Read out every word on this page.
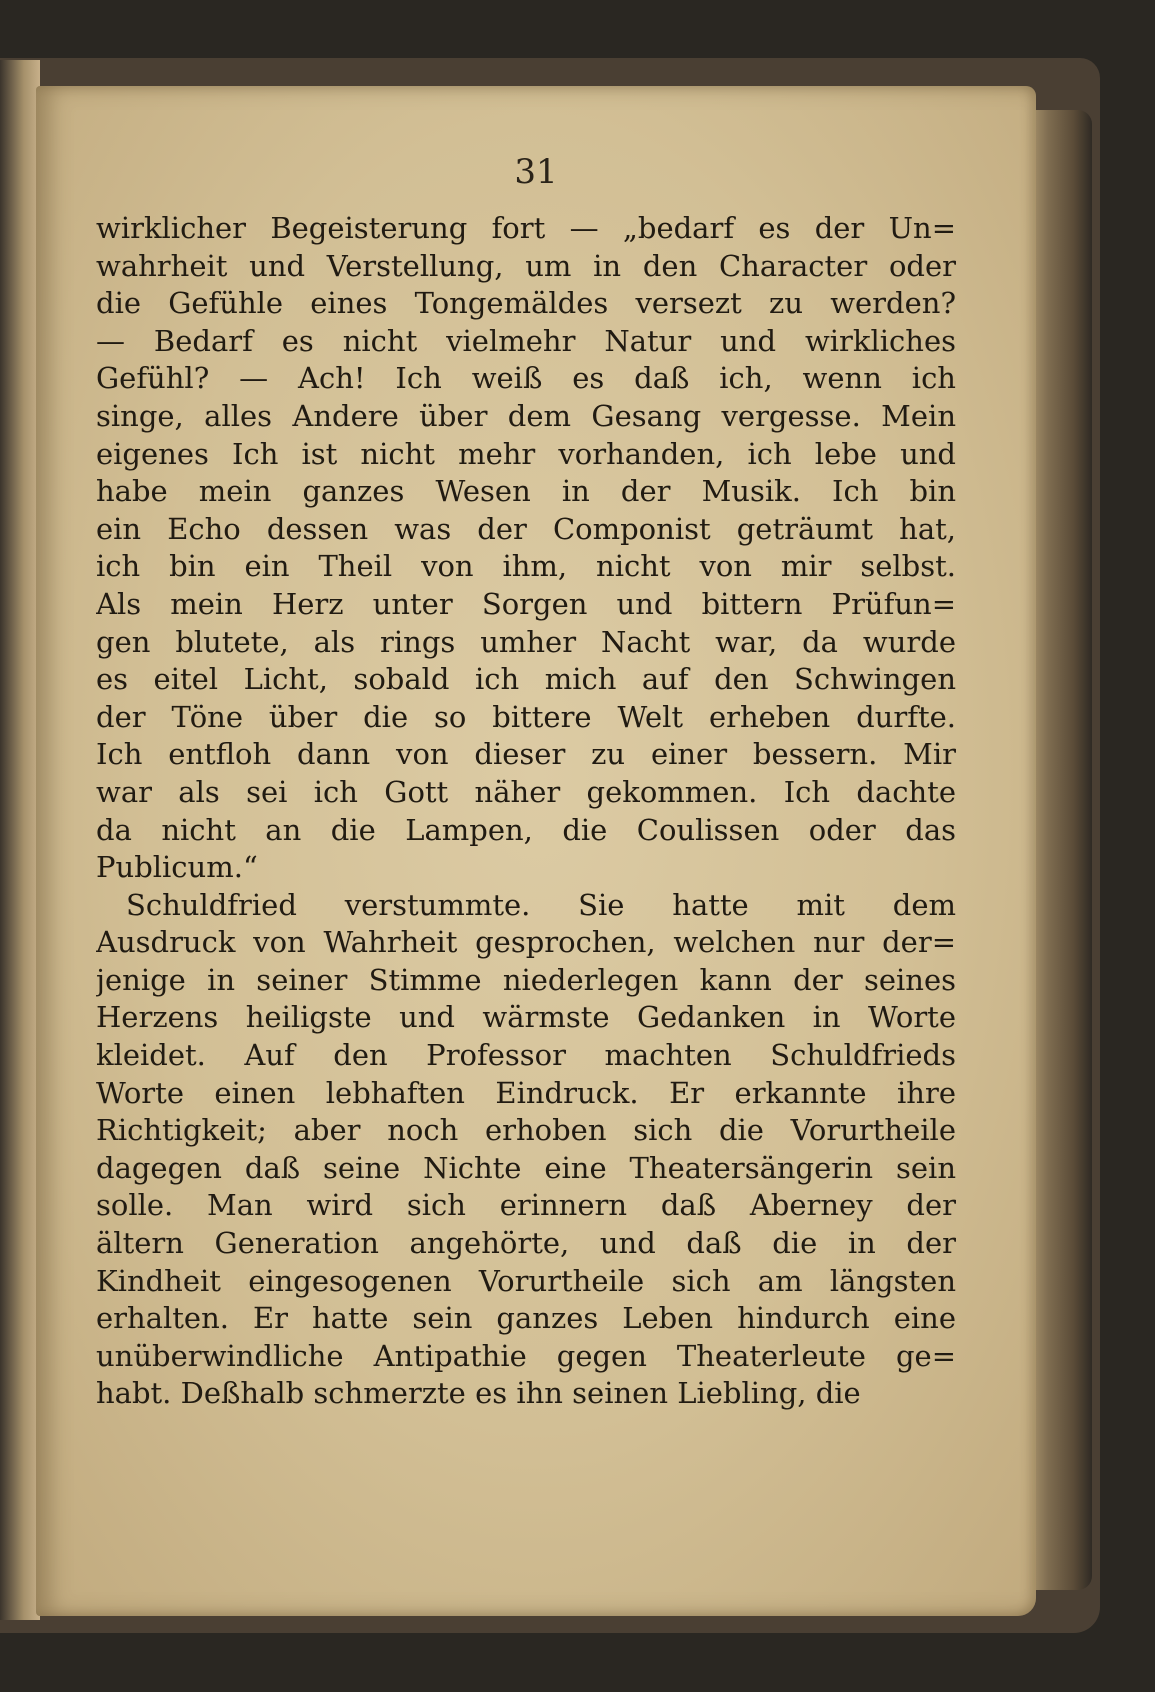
31
wirklicher Begeisterung fort — „bedarf es der Un=
wahrheit und Verstellung, um in den Character oder
die Gefühle eines Tongemäldes versezt zu werden?
— Bedarf es nicht vielmehr Natur und wirkliches
Gefühl? — Ach! Ich weiß es daß ich, wenn ich
singe, alles Andere über dem Gesang vergesse. Mein
eigenes Ich ist nicht mehr vorhanden, ich lebe und
habe mein ganzes Wesen in der Musik. Ich bin
ein Echo dessen was der Componist geträumt hat,
ich bin ein Theil von ihm, nicht von mir selbst.
Als mein Herz unter Sorgen und bittern Prüfun=
gen blutete, als rings umher Nacht war, da wurde
es eitel Licht, sobald ich mich auf den Schwingen
der Töne über die so bittere Welt erheben durfte.
Ich entfloh dann von dieser zu einer bessern. Mir
war als sei ich Gott näher gekommen. Ich dachte
da nicht an die Lampen, die Coulissen oder das
Publicum.“
Schuldfried verstummte. Sie hatte mit dem
Ausdruck von Wahrheit gesprochen, welchen nur der=
jenige in seiner Stimme niederlegen kann der seines
Herzens heiligste und wärmste Gedanken in Worte
kleidet. Auf den Professor machten Schuldfrieds
Worte einen lebhaften Eindruck. Er erkannte ihre
Richtigkeit; aber noch erhoben sich die Vorurtheile
dagegen daß seine Nichte eine Theatersängerin sein
solle. Man wird sich erinnern daß Aberney der
ältern Generation angehörte, und daß die in der
Kindheit eingesogenen Vorurtheile sich am längsten
erhalten. Er hatte sein ganzes Leben hindurch eine
unüberwindliche Antipathie gegen Theaterleute ge=
habt. Deßhalb schmerzte es ihn seinen Liebling, die
